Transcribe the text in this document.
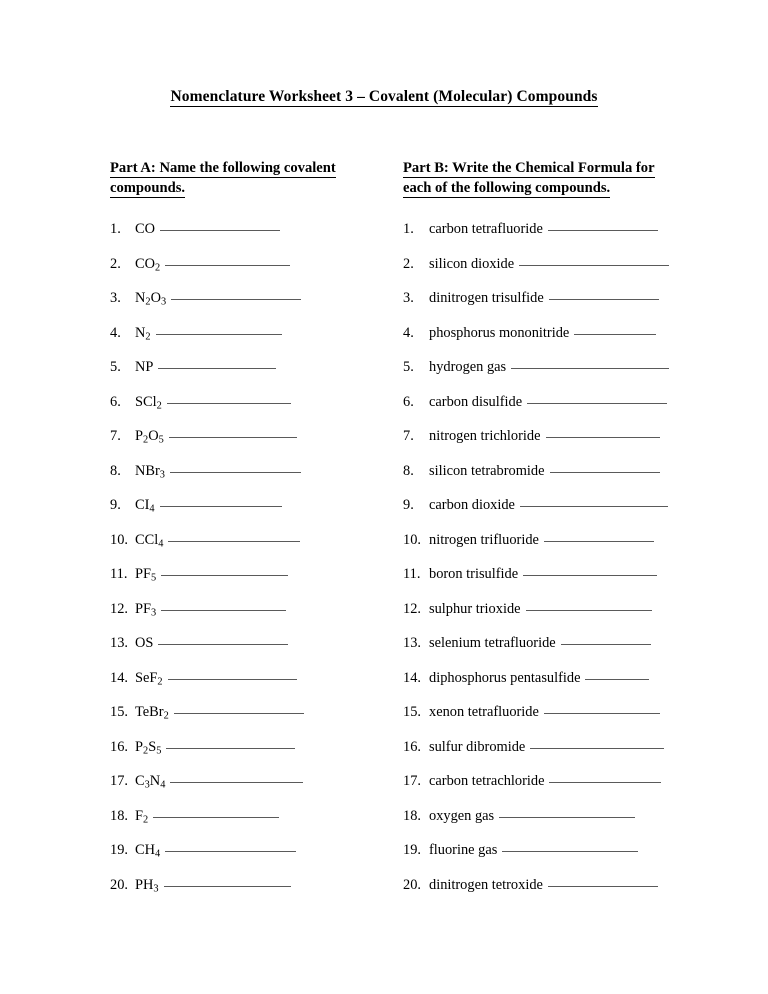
Nomenclature Worksheet 3 – Covalent (Molecular) Compounds
Part A: Name the following covalent compounds.
1. CO
2. $CO_2$
3. $N_2O_3$
4. $N_2$
5. NP
6. SCl$_2$
7. $P_2O_5$
8. NBr$_3$
9. $CI_4$
10. CCl$_4$
11. $PF_5$
12. $PF_3$
13. OS
14. SeF$_2$
15. TeBr$_2$
16. $P_2S_5$
17. $C_3N_4$
18. $F_2$
19. $CH_4$
20. $PH_3$
Part B: Write the Chemical Formula for each of the following compounds.
1.	carbon tetrafluoride
2.	silicon dioxide
3.	dinitrogen trisulfide
4.	phosphorus mononitride
5.	hydrogen gas
6.	carbon disulfide
7.	nitrogen trichloride
8.	silicon tetrabromide
9.	carbon dioxide
10. nitrogen trifluoride
11. boron trisulfide
12. sulphur trioxide
13. selenium tetrafluoride
14. diphosphorus pentasulfide
15. xenon tetrafluoride
16. sulfur dibromide
17. carbon tetrachloride
18. oxygen gas
19. fluorine gas
20. dinitrogen tetroxide
